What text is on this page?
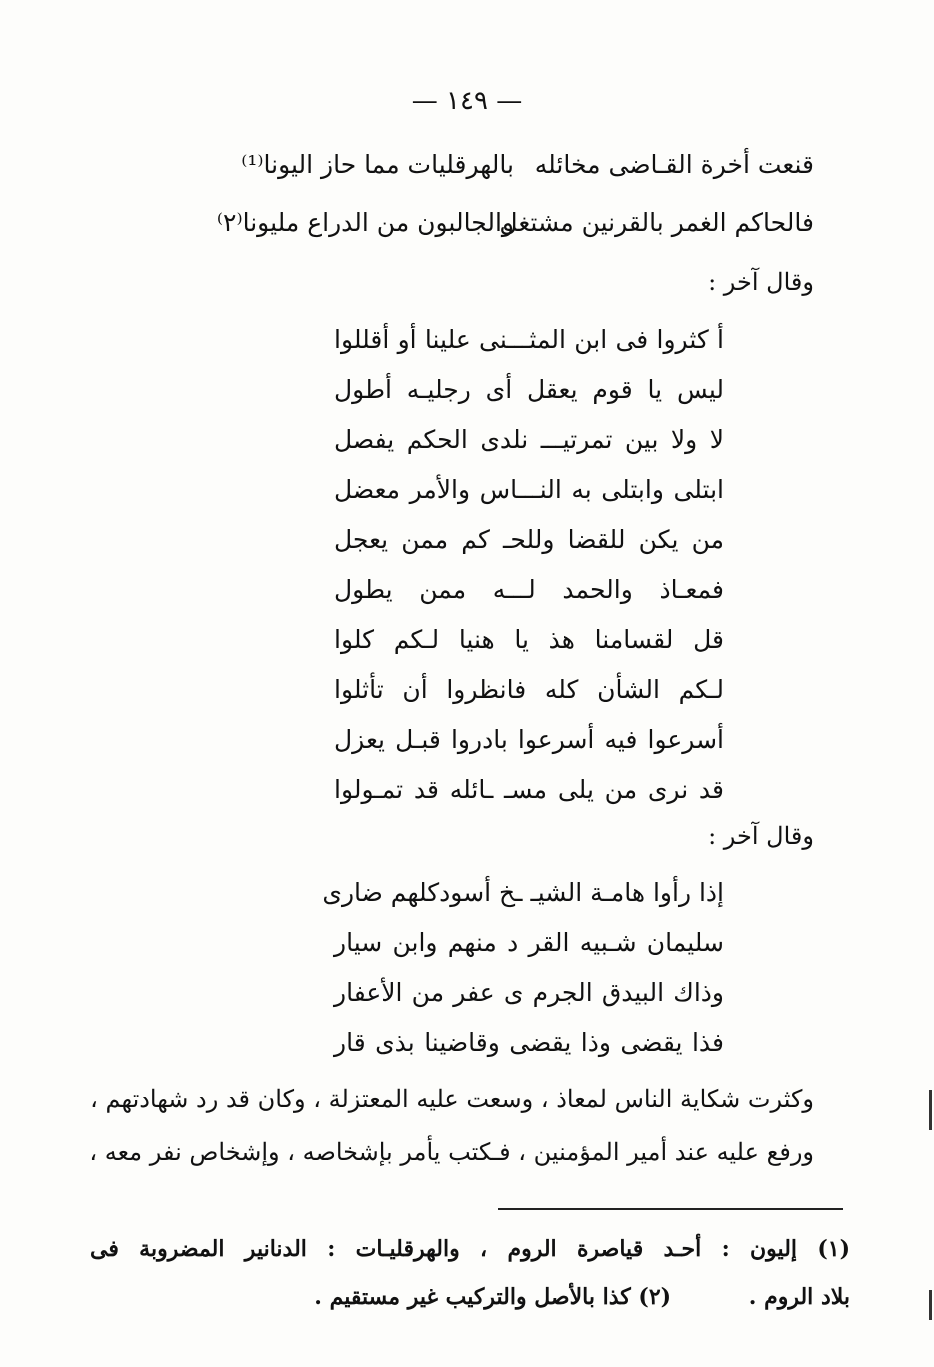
— ١٤٩ —
قنعت أخرة القـاضى مخائله
بالهرقليات مما حاز اليونا⁽¹⁾
فالحاكم الغمر بالقرنين مشتغل
والجالبون من الدراع مليونا⁽٢⁾
وقال آخر :
أ كثروا فى ابن المثـــنى علينا أو أقللوا
ليس يا قوم يعقل أى رجليـه أطول
لا ولا بين تمرتيـــ نلدى الحكم يفصل
ابتلى وابتلى به النـــاس والأمر معضل
من يكن للقضا وللحـ كم ممن يعجل
فمعـاذ والحمد لـــه ممن يطول
قل لقسامنا هذ يا هنيا لـكم كلوا
لـكم الشأن كله فانظروا أن تأثلوا
أسرعوا فيه أسرعوا بادروا قبـل يعزل
قد نرى من يلى مسـ ـائله قد تمـولوا
وقال آخر :
إذا رأوا هامـة الشيـ ـخ أسودكلهم ضارى
سليمان شـبيه القر د منهم وابن سيار
وذاك البيدق الجرم ى عفر من الأعفار
فذا يقضى وذا يقضى وقاضينا بذى قار
وكثرت شكاية الناس لمعاذ ، وسعت عليه المعتزلة ، وكان قد رد شهادتهم ،
ورفع عليه عند أمير المؤمنين ، فـكتب يأمر بإشخاصه ، وإشخاص نفر معه ،
(١) إليون : أحـد قياصرة الروم ، والهرقليـات : الدنانير المضروبة فى
بلاد الروم . (٢) كذا بالأصل والتركيب غير مستقيم .
